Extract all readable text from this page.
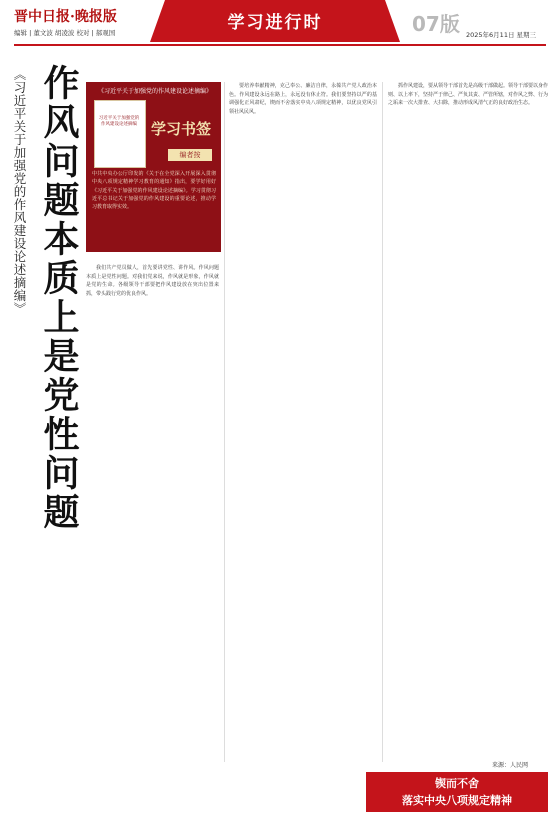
晋中日报·晚报版
编辑 | 董文波 胡凌波 校对 | 郝观国	学习进行时	07版 2025年6月11日 星期三
《习近平关于加强党的作风建设论述摘编》 作风问题本质上是党性问题	《习近平关于加强党的作风建设论述摘编》
习近平关于加强党的作风建设论述摘编 学习书签
编者按
中共中央办公厅印发的《关于在全党深入开展深入贯彻中央八项规定精神学习教育的通知》指出，要学好用好《习近平关于加强党的作风建设论述摘编》。学习贯彻习近平总书记关于加强党的作风建设的重要论述，推动学习教育取得实效。

我们共产党员做人，首先要讲党性、讲作风。作风问题本质上是党性问题。对我们党来说，作风就是形象，作风就是党的生命。各级领导干部要把作风建设放在突出位置来抓，带头践行党的优良作风。

要培养奉献精神，克己奉公、廉洁自律，永葆共产党人政治本色。作风建设永远在路上，永远没有休止符。我们要坚持以严的基调强化正风肃纪，锲而不舍落实中央八项规定精神，以优良党风引领社风民风。

抓作风建设，要从领导干部首先是高级干部做起。领导干部要以身作则、以上率下，坚持严于律己、严负其责、严管所辖，对作风之弊、行为之垢来一次大排查、大扫除，推动形成风清气正的良好政治生态。

来源：人民网
锲而不舍
落实中央八项规定精神
